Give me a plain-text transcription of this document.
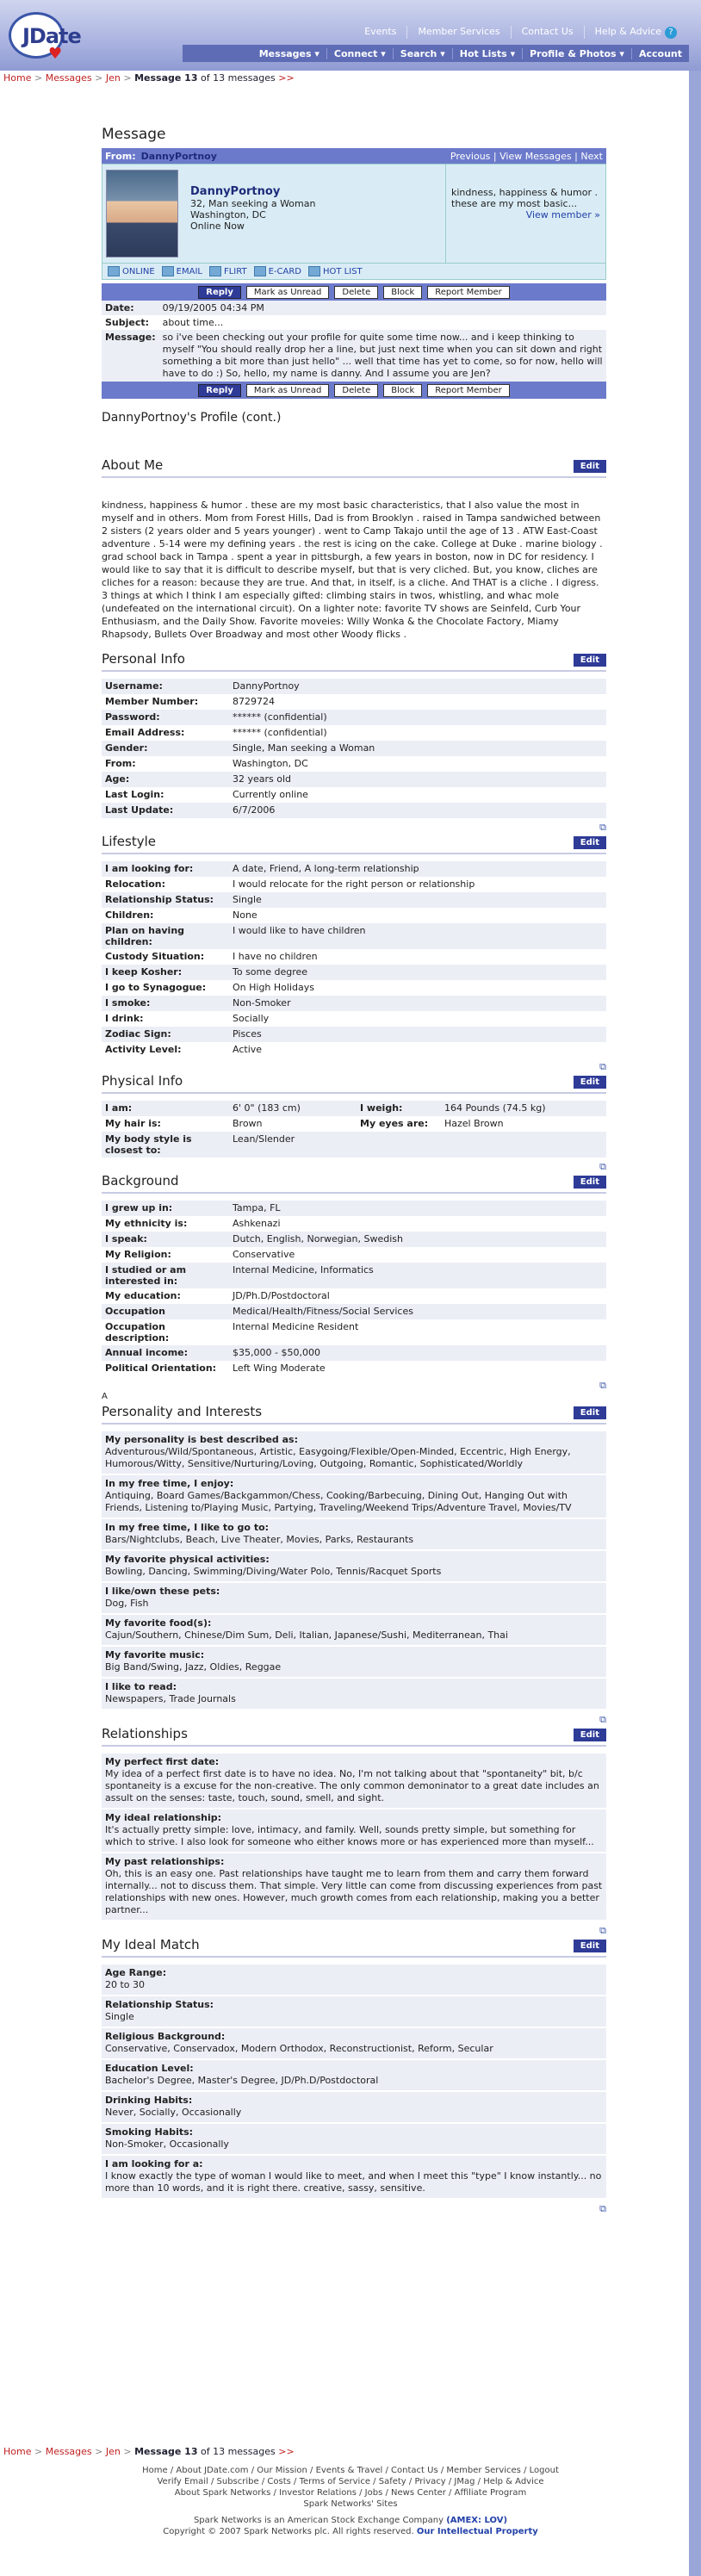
JDate
♥
Events	Member Services	Contact Us	Help & Advice ?
Messages ▾	Connect ▾	Search ▾	Hot Lists ▾	Profile & Photos ▾	Account
Home > Messages > Jen > Message 13 of 13 messages >>
Message
From: DannyPortnoy	Previous | View Messages | Next
DannyPortnoy
32, Man seeking a Woman
Washington, DC
Online Now
kindness, happiness & humor . these are my most basic...
View member »
ONLINE	EMAIL	FLIRT	E-CARD	HOT LIST
Reply	Mark as Unread	Delete	Block	Report Member
Date:	09/19/2005 04:34 PM
Subject:	about time...
Message:	so i've been checking out your profile for quite some time now... and i keep thinking to myself "You should really drop her a line, but just next time when you can sit down and right something a bit more than just hello" ... well that time has yet to come, so for now, hello will have to do :) So, hello, my name is danny. And I assume you are Jen?
Reply	Mark as Unread	Delete	Block	Report Member
DannyPortnoy's Profile (cont.)
About Me	Edit
kindness, happiness & humor . these are my most basic characteristics, that I also value the most in myself and in others. Mom from Forest Hills, Dad is from Brooklyn . raised in Tampa sandwiched between 2 sisters (2 years older and 5 years younger) . went to Camp Takajo until the age of 13 . ATW East-Coast adventure . 5-14 were my defining years . the rest is icing on the cake. College at Duke . marine biology . grad school back in Tampa . spent a year in pittsburgh, a few years in boston, now in DC for residency. I would like to say that it is difficult to describe myself, but that is very cliched. But, you know, cliches are cliches for a reason: because they are true. And that, in itself, is a cliche. And THAT is a cliche . I digress. 3 things at which I think I am especially gifted: climbing stairs in twos, whistling, and whac mole (undefeated on the international circuit). On a lighter note: favorite TV shows are Seinfeld, Curb Your Enthusiasm, and the Daily Show. Favorite moveies: Willy Wonka & the Chocolate Factory, Miamy Rhapsody, Bullets Over Broadway and most other Woody flicks .
Personal Info	Edit
Username:	DannyPortnoy
Member Number:	8729724
Password:	****** (confidential)
Email Address:	****** (confidential)
Gender:	Single, Man seeking a Woman
From:	Washington, DC
Age:	32 years old
Last Login:	Currently online
Last Update:	6/7/2006
⧉
Lifestyle	Edit
I am looking for:	A date, Friend, A long-term relationship
Relocation:	I would relocate for the right person or relationship
Relationship Status:	Single
Children:	None
Plan on having children:	I would like to have children
Custody Situation:	I have no children
I keep Kosher:	To some degree
I go to Synagogue:	On High Holidays
I smoke:	Non-Smoker
I drink:	Socially
Zodiac Sign:	Pisces
Activity Level:	Active
⧉
Physical Info	Edit
I am:	6' 0" (183 cm)	I weigh:	164 Pounds (74.5 kg)
My hair is:	Brown	My eyes are:	Hazel Brown
My body style is closest to:	Lean/Slender		
⧉
Background	Edit
I grew up in:	Tampa, FL
My ethnicity is:	Ashkenazi
I speak:	Dutch, English, Norwegian, Swedish
My Religion:	Conservative
I studied or am interested in:	Internal Medicine, Informatics
My education:	JD/Ph.D/Postdoctoral
Occupation	Medical/Health/Fitness/Social Services
Occupation description:	Internal Medicine Resident
Annual income:	$35,000 - $50,000
Political Orientation:	Left Wing Moderate
⧉
A
Personality and Interests	Edit
My personality is best described as:
Adventurous/Wild/Spontaneous, Artistic, Easygoing/Flexible/Open-Minded, Eccentric, High Energy, Humorous/Witty, Sensitive/Nurturing/Loving, Outgoing, Romantic, Sophisticated/Worldly
In my free time, I enjoy:
Antiquing, Board Games/Backgammon/Chess, Cooking/Barbecuing, Dining Out, Hanging Out with Friends, Listening to/Playing Music, Partying, Traveling/Weekend Trips/Adventure Travel, Movies/TV
In my free time, I like to go to:
Bars/Nightclubs, Beach, Live Theater, Movies, Parks, Restaurants
My favorite physical activities:
Bowling, Dancing, Swimming/Diving/Water Polo, Tennis/Racquet Sports
I like/own these pets:
Dog, Fish
My favorite food(s):
Cajun/Southern, Chinese/Dim Sum, Deli, Italian, Japanese/Sushi, Mediterranean, Thai
My favorite music:
Big Band/Swing, Jazz, Oldies, Reggae
I like to read:
Newspapers, Trade Journals
⧉
Relationships	Edit
My perfect first date:
My idea of a perfect first date is to have no idea. No, I'm not talking about that "spontaneity" bit, b/c spontaneity is a excuse for the non-creative. The only common demoninator to a great date includes an assult on the senses: taste, touch, sound, smell, and sight.
My ideal relationship:
It's actually pretty simple: love, intimacy, and family. Well, sounds pretty simple, but something for which to strive. I also look for someone who either knows more or has experienced more than myself...
My past relationships:
Oh, this is an easy one. Past relationships have taught me to learn from them and carry them forward internally... not to discuss them. That simple. Very little can come from discussing experiences from past relationships with new ones. However, much growth comes from each relationship, making you a better partner...
⧉
My Ideal Match	Edit
Age Range:
20 to 30
Relationship Status:
Single
Religious Background:
Conservative, Conservadox, Modern Orthodox, Reconstructionist, Reform, Secular
Education Level:
Bachelor's Degree, Master's Degree, JD/Ph.D/Postdoctoral
Drinking Habits:
Never, Socially, Occasionally
Smoking Habits:
Non-Smoker, Occasionally
I am looking for a:
I know exactly the type of woman I would like to meet, and when I meet this "type" I know instantly... no more than 10 words, and it is right there. creative, sassy, sensitive.
⧉
Home > Messages > Jen > Message 13 of 13 messages >>
Home / About JDate.com / Our Mission / Events & Travel / Contact Us / Member Services / Logout
Verify Email / Subscribe / Costs / Terms of Service / Safety / Privacy / JMag / Help & Advice
About Spark Networks / Investor Relations / Jobs / News Center / Affiliate Program
Spark Networks' Sites
Spark Networks is an American Stock Exchange Company (AMEX: LOV)
Copyright © 2007 Spark Networks plc. All rights reserved. Our Intellectual Property
